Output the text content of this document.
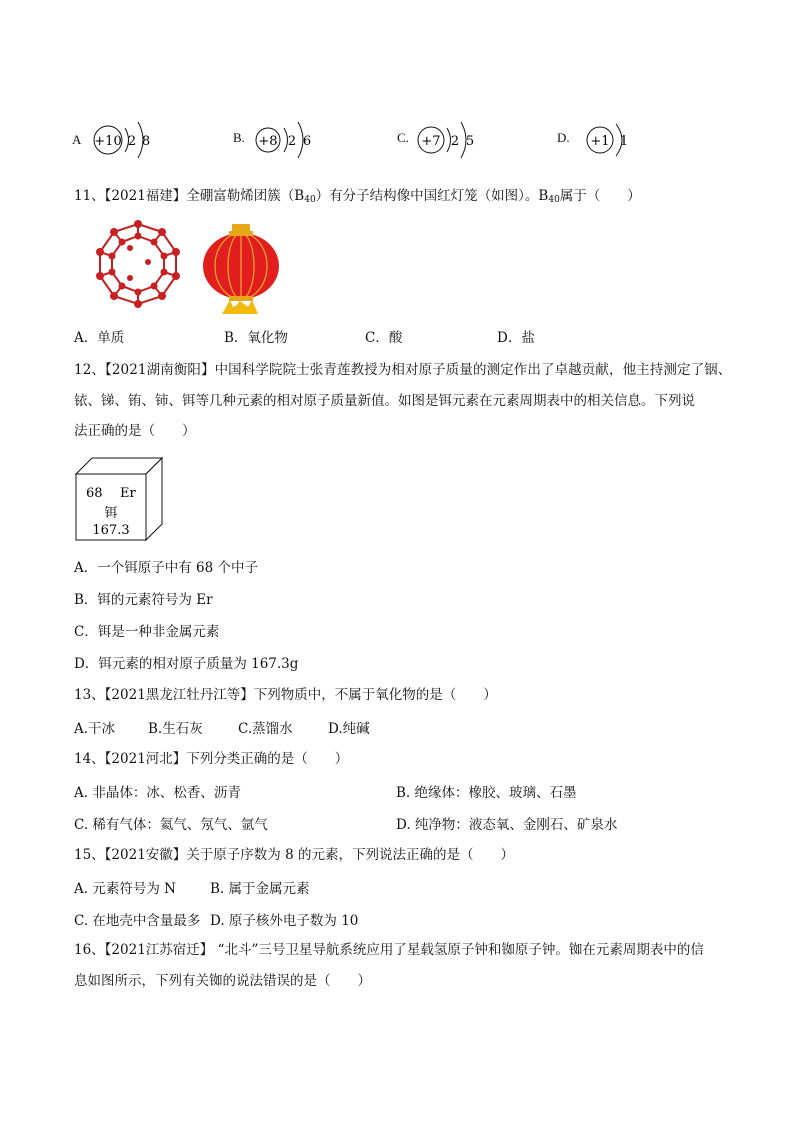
A +10 2 8	B. +8 2 6	C. +7 2 5	D. +1 1
11、【2021福建】全硼富勒烯团簇$(B_{40})$有分子结构像中国红灯笼（如图）。$B_{40}$属于（　　）
A．单质	B．氧化物	C．酸	D．盐
12、【2021湖南衡阳】中国科学院院士张青莲教授为相对原子质量的测定作出了卓越贡献，他主持测定了铟、
铱、锑、铕、铈、铒等几种元素的相对原子质量新值。如图是铒元素在元素周期表中的相关信息。下列说
法正确的是（　　）
68 Er
铒
167.3
A．一个铒原子中有 68 个中子
B．铒的元素符号为 Er
C．铒是一种非金属元素
D．铒元素的相对原子质量为 167.3g
13、【2021黑龙江牡丹江等】下列物质中，不属于氧化物的是（　　）
A.干冰 B.生石灰	C.蒸馏水	D.纯碱
14、【2021河北】下列分类正确的是（　　）
A. 非晶体：冰、松香、沥青	B. 绝缘体：橡胶、玻璃、石墨
C. 稀有气体：氦气、氖气、氩气	D. 纯净物：液态氧、金刚石、矿泉水
15、【2021安徽】关于原子序数为 8 的元素，下列说法正确的是（　　）
A. 元素符号为 N	B. 属于金属元素
C. 在地壳中含量最多 D. 原子核外电子数为 10
16、【2021江苏宿迁】 “北斗”三号卫星导航系统应用了星载氢原子钟和铷原子钟。铷在元素周期表中的信
息如图所示，下列有关铷的说法错误的是（　　）
